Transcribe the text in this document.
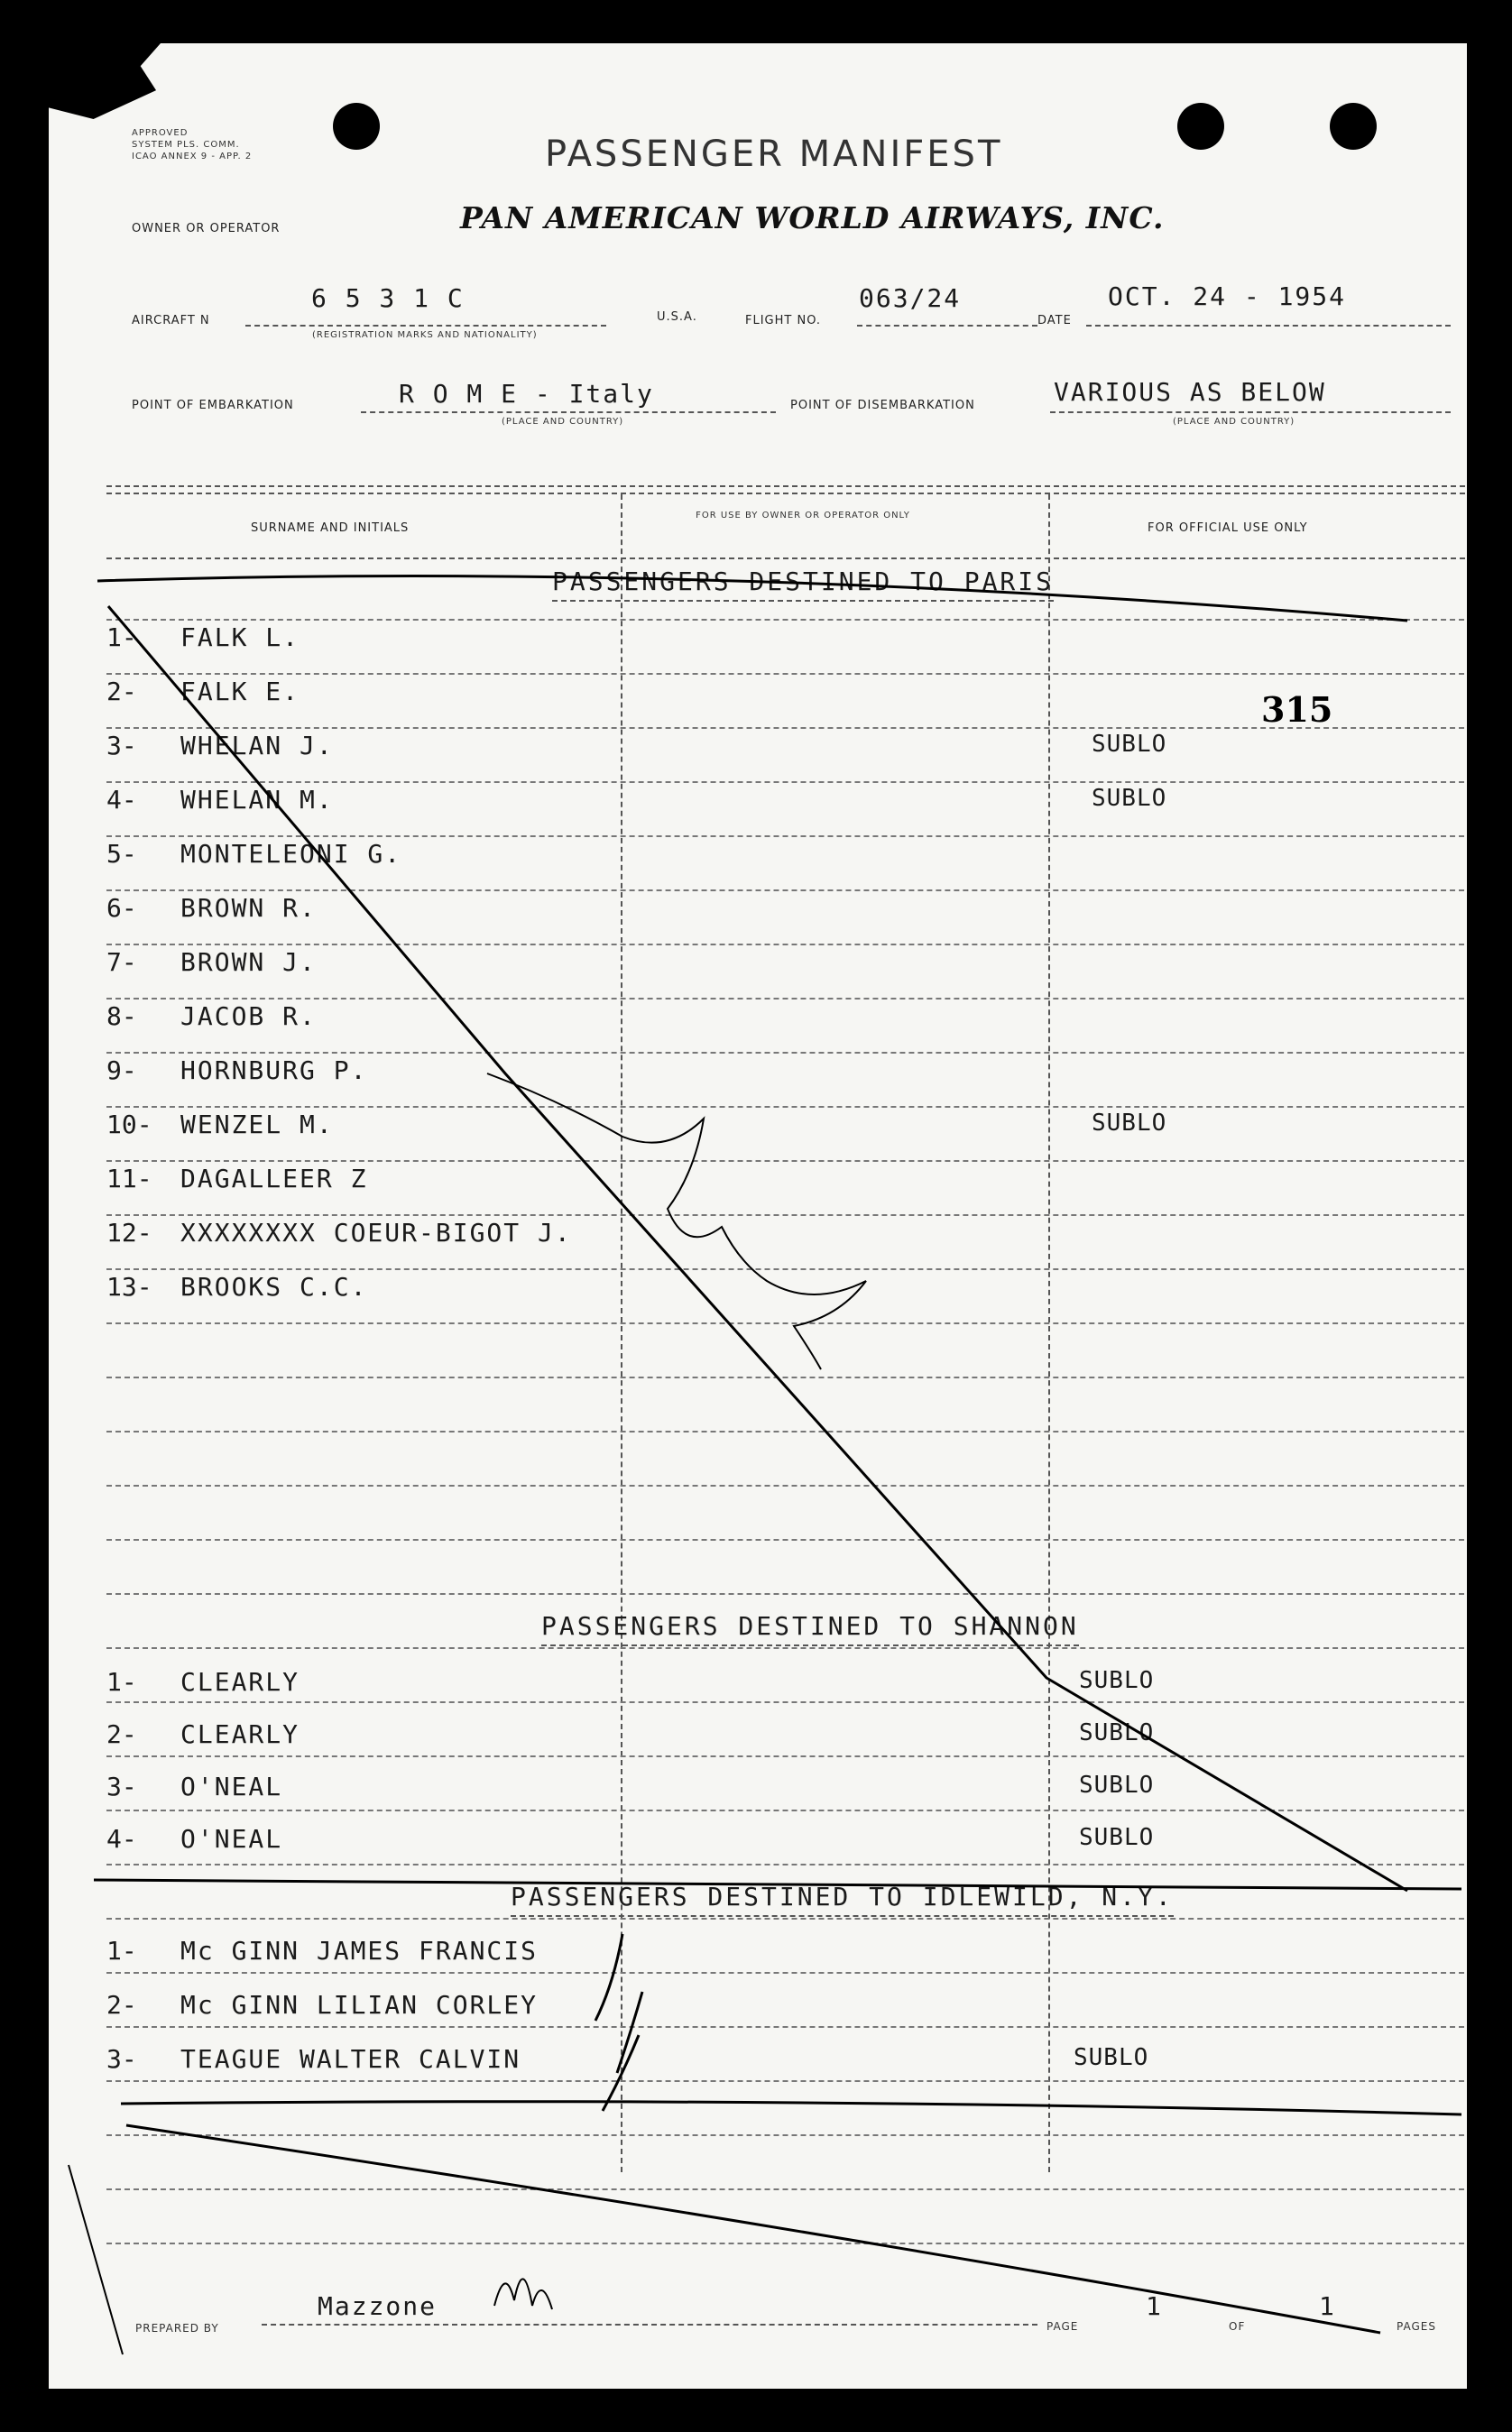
APPROVED
SYSTEM PLS. COMM.
ICAO ANNEX 9 - APP. 2	PASSENGER MANIFEST
OWNER OR OPERATOR	PAN AMERICAN WORLD AIRWAYS, INC.
AIRCRAFT N
6 5 3 1 C
(REGISTRATION MARKS AND NATIONALITY)
U.S.A.	FLIGHT NO.
063/24
DATE
OCT. 24 - 1954
POINT OF EMBARKATION	R O M E - Italy
(PLACE AND COUNTRY)
POINT OF DISEMBARKATION	VARIOUS AS BELOW
(PLACE AND COUNTRY)
SURNAME AND INITIALS
FOR USE BY OWNER OR OPERATOR ONLY
FOR OFFICIAL USE ONLY
PASSENGERS DESTINED TO PARIS
1- FALK L.
2- FALK E.
3- WHELAN J.	SUBLO
4- WHELAN M.	SUBLO
5- MONTELEONI G.
6- BROWN R.
7- BROWN J.
8- JACOB R.
9- HORNBURG P.
10- WENZEL M.	SUBLO
11- DAGALLEER Z
12- XXXXXXXX COEUR-BIGOT J.
13- BROOKS C.C.
PASSENGERS DESTINED TO SHANNON
1- CLEARLY	SUBLO
2- CLEARLY	SUBLO
3- O'NEAL	SUBLO
4- O'NEAL	SUBLO
PASSENGERS DESTINED TO IDLEWILD, N.Y.
1- Mc GINN JAMES FRANCIS
2- Mc GINN LILIAN CORLEY
3- TEAGUE WALTER CALVIN	SUBLO
315
Mazzone
PREPARED BY	PAGE
1
OF
1
PAGES
